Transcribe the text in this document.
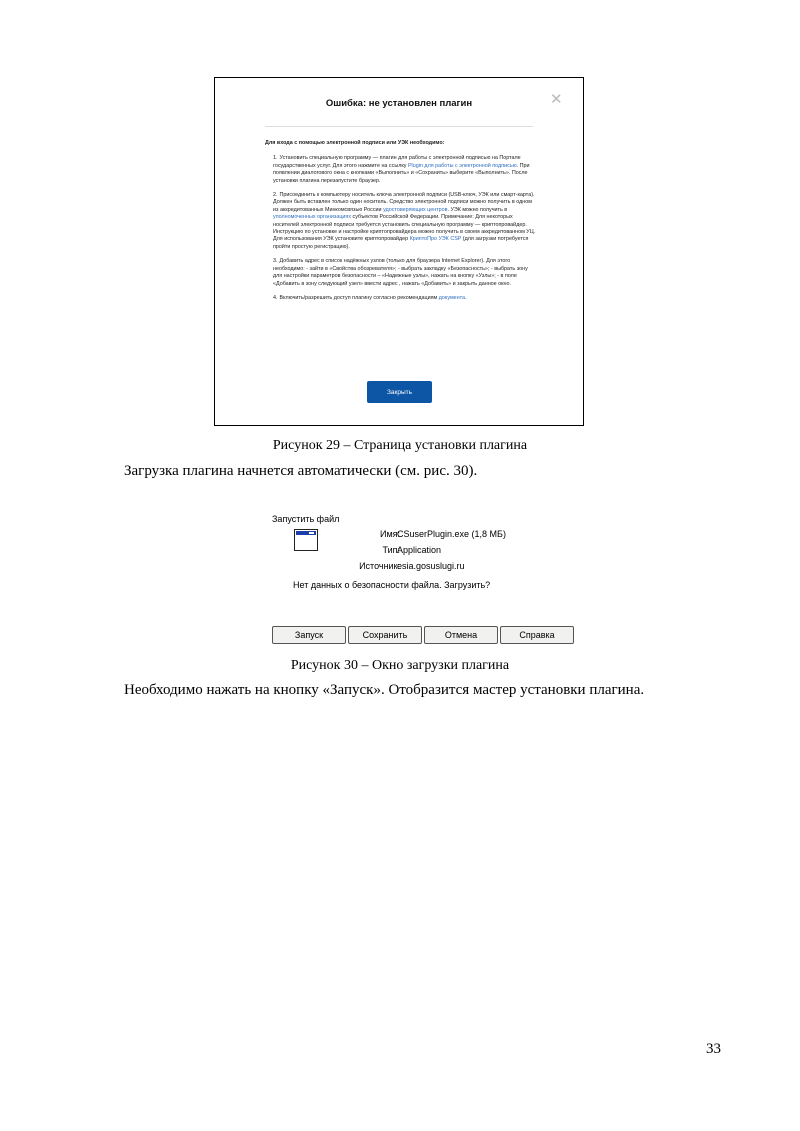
Ошибка: не установлен плагин	✕
Для входа с помощью электронной подписи или УЭК необходимо:
1. Установить специальную программу — плагин для работы с электронной подписью на Портале государственных услуг. Для этого нажмите на ссылку Plugin для работы с электронной подписью. При появлении диалогового окна с кнопками «Выполнить» и «Сохранить» выберите «Выполнить». После установки плагина перезапустите браузер.
2. Присоединить к компьютеру носитель ключа электронной подписи (USB-ключ, УЭК или смарт-карта). Должен быть вставлен только один носитель. Средство электронной подписи можно получить в одном из аккредитованных Минкомсвязью России удостоверяющих центров. УЭК можно получить в уполномоченных организациях субъектов Российской Федерации. Примечание: Для некоторых носителей электронной подписи требуется установить специальную программу — криптопровайдер. Инструкцию по установке и настройке криптопровайдера можно получить в своем аккредитованном УЦ. Для использования УЭК установите криптопровайдер КриптоПро УЭК CSP (для загрузки потребуется пройти простую регистрацию).
3. Добавить адрес в список надёжных узлов (только для браузера Internet Explorer). Для этого необходимо: - зайти в «Свойства обозревателя»; - выбрать закладку «Безопасность»; - выбрать зону для настройки параметров безопасности – «Надежные узлы», нажать на кнопку «Узлы»; - в поле «Добавить в зону следующий узел» ввести адрес , нажать «Добавить» и закрыть данное окно.
4. Включить/разрешить доступ плагину согласно рекомендациям документа.
Закрыть
Рисунок 29 – Страница установки плагина
Загрузка плагина начнется автоматически (см. рис. 30).
Запустить файл
Имя:
CSuserPlugin.exe (1,8 МБ)
Тип:
Application
Источник:
esia.gosuslugi.ru
Нет данных о безопасности файла. Загрузить?
Запуск	Сохранить	Отмена	Справка
Рисунок 30 – Окно загрузки плагина
Необходимо нажать на кнопку «Запуск». Отобразится мастер установки плагина.
33
